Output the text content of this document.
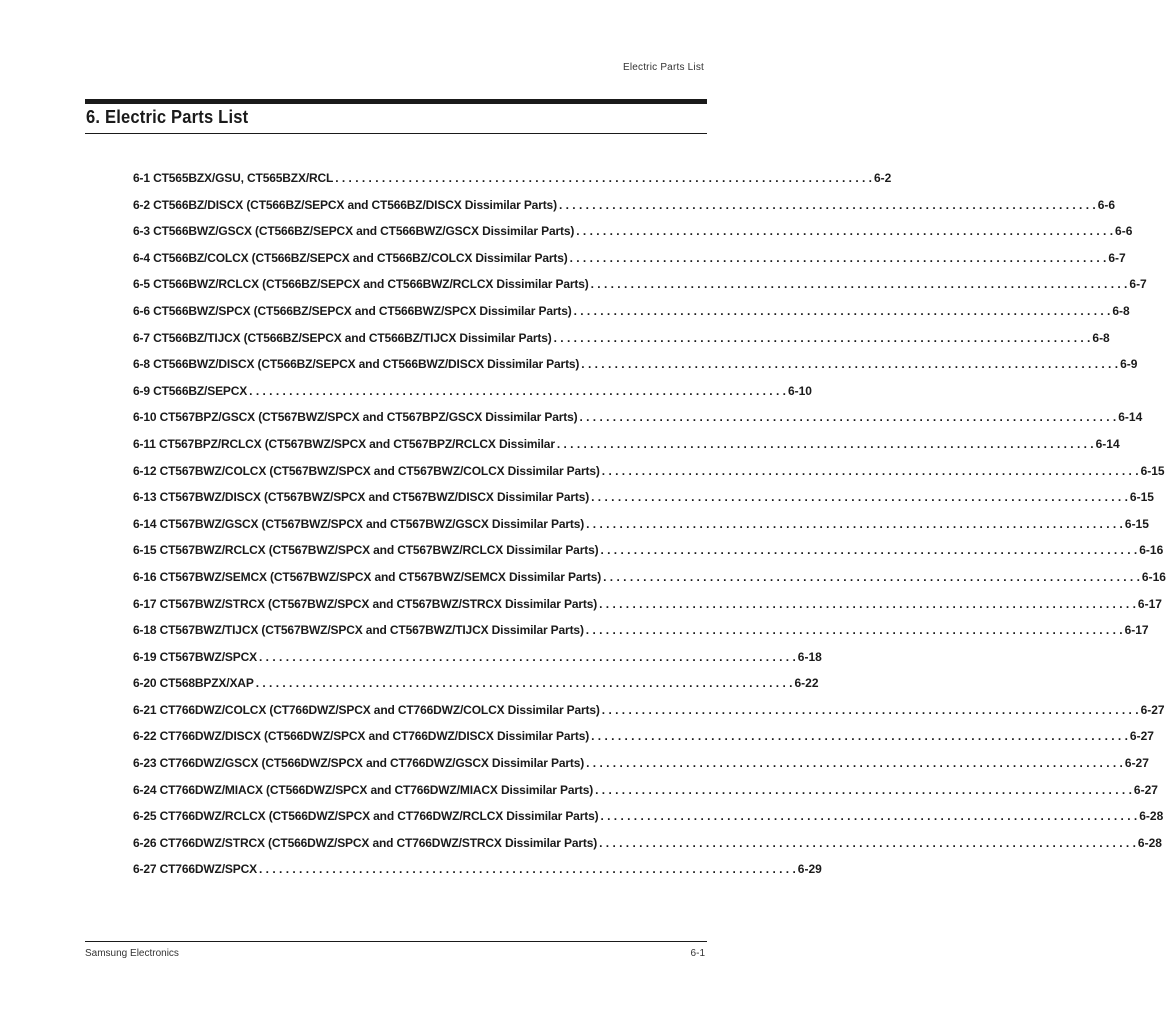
Electric Parts List
6. Electric Parts List
6-1 CT565BZX/GSU, CT565BZX/RCL . . .	6-2
6-2 CT566BZ/DISCX (CT566BZ/SEPCX and CT566BZ/DISCX Dissimilar Parts) . . .	6-6
6-3 CT566BWZ/GSCX (CT566BZ/SEPCX and CT566BWZ/GSCX Dissimilar Parts) . . .	6-6
6-4 CT566BZ/COLCX (CT566BZ/SEPCX and CT566BZ/COLCX Dissimilar Parts) . . .	6-7
6-5 CT566BWZ/RCLCX (CT566BZ/SEPCX and CT566BWZ/RCLCX Dissimilar Parts) . . .	6-7
6-6 CT566BWZ/SPCX (CT566BZ/SEPCX and CT566BWZ/SPCX Dissimilar Parts) . . .	6-8
6-7 CT566BZ/TIJCX (CT566BZ/SEPCX and CT566BZ/TIJCX Dissimilar Parts) . . .	6-8
6-8 CT566BWZ/DISCX (CT566BZ/SEPCX and CT566BWZ/DISCX Dissimilar Parts) . . .	6-9
6-9 CT566BZ/SEPCX . . .	6-10
6-10 CT567BPZ/GSCX (CT567BWZ/SPCX and CT567BPZ/GSCX Dissimilar Parts) . . .	6-14
6-11 CT567BPZ/RCLCX (CT567BWZ/SPCX and CT567BPZ/RCLCX Dissimilar . . .	6-14
6-12 CT567BWZ/COLCX (CT567BWZ/SPCX and CT567BWZ/COLCX Dissimilar Parts) . . .	6-15
6-13 CT567BWZ/DISCX (CT567BWZ/SPCX and CT567BWZ/DISCX Dissimilar Parts) . . .	6-15
6-14 CT567BWZ/GSCX (CT567BWZ/SPCX and CT567BWZ/GSCX Dissimilar Parts) . . .	6-15
6-15 CT567BWZ/RCLCX (CT567BWZ/SPCX and CT567BWZ/RCLCX Dissimilar Parts) . . .	6-16
6-16 CT567BWZ/SEMCX (CT567BWZ/SPCX and CT567BWZ/SEMCX Dissimilar Parts) . . .	6-16
6-17 CT567BWZ/STRCX (CT567BWZ/SPCX and CT567BWZ/STRCX Dissimilar Parts) . . .	6-17
6-18 CT567BWZ/TIJCX (CT567BWZ/SPCX and CT567BWZ/TIJCX Dissimilar Parts) . . .	6-17
6-19 CT567BWZ/SPCX . . .	6-18
6-20 CT568BPZX/XAP . . .	6-22
6-21 CT766DWZ/COLCX (CT766DWZ/SPCX and CT766DWZ/COLCX Dissimilar Parts) . . .	6-27
6-22 CT766DWZ/DISCX (CT566DWZ/SPCX and CT766DWZ/DISCX Dissimilar Parts) . . .	6-27
6-23 CT766DWZ/GSCX (CT566DWZ/SPCX and CT766DWZ/GSCX Dissimilar Parts) . . .	6-27
6-24 CT766DWZ/MIACX (CT566DWZ/SPCX and CT766DWZ/MIACX Dissimilar Parts) . . .	6-27
6-25 CT766DWZ/RCLCX (CT566DWZ/SPCX and CT766DWZ/RCLCX Dissimilar Parts) . . .	6-28
6-26 CT766DWZ/STRCX (CT566DWZ/SPCX and CT766DWZ/STRCX Dissimilar Parts) . . .	6-28
6-27 CT766DWZ/SPCX . . .	6-29
Samsung Electronics	6-1
